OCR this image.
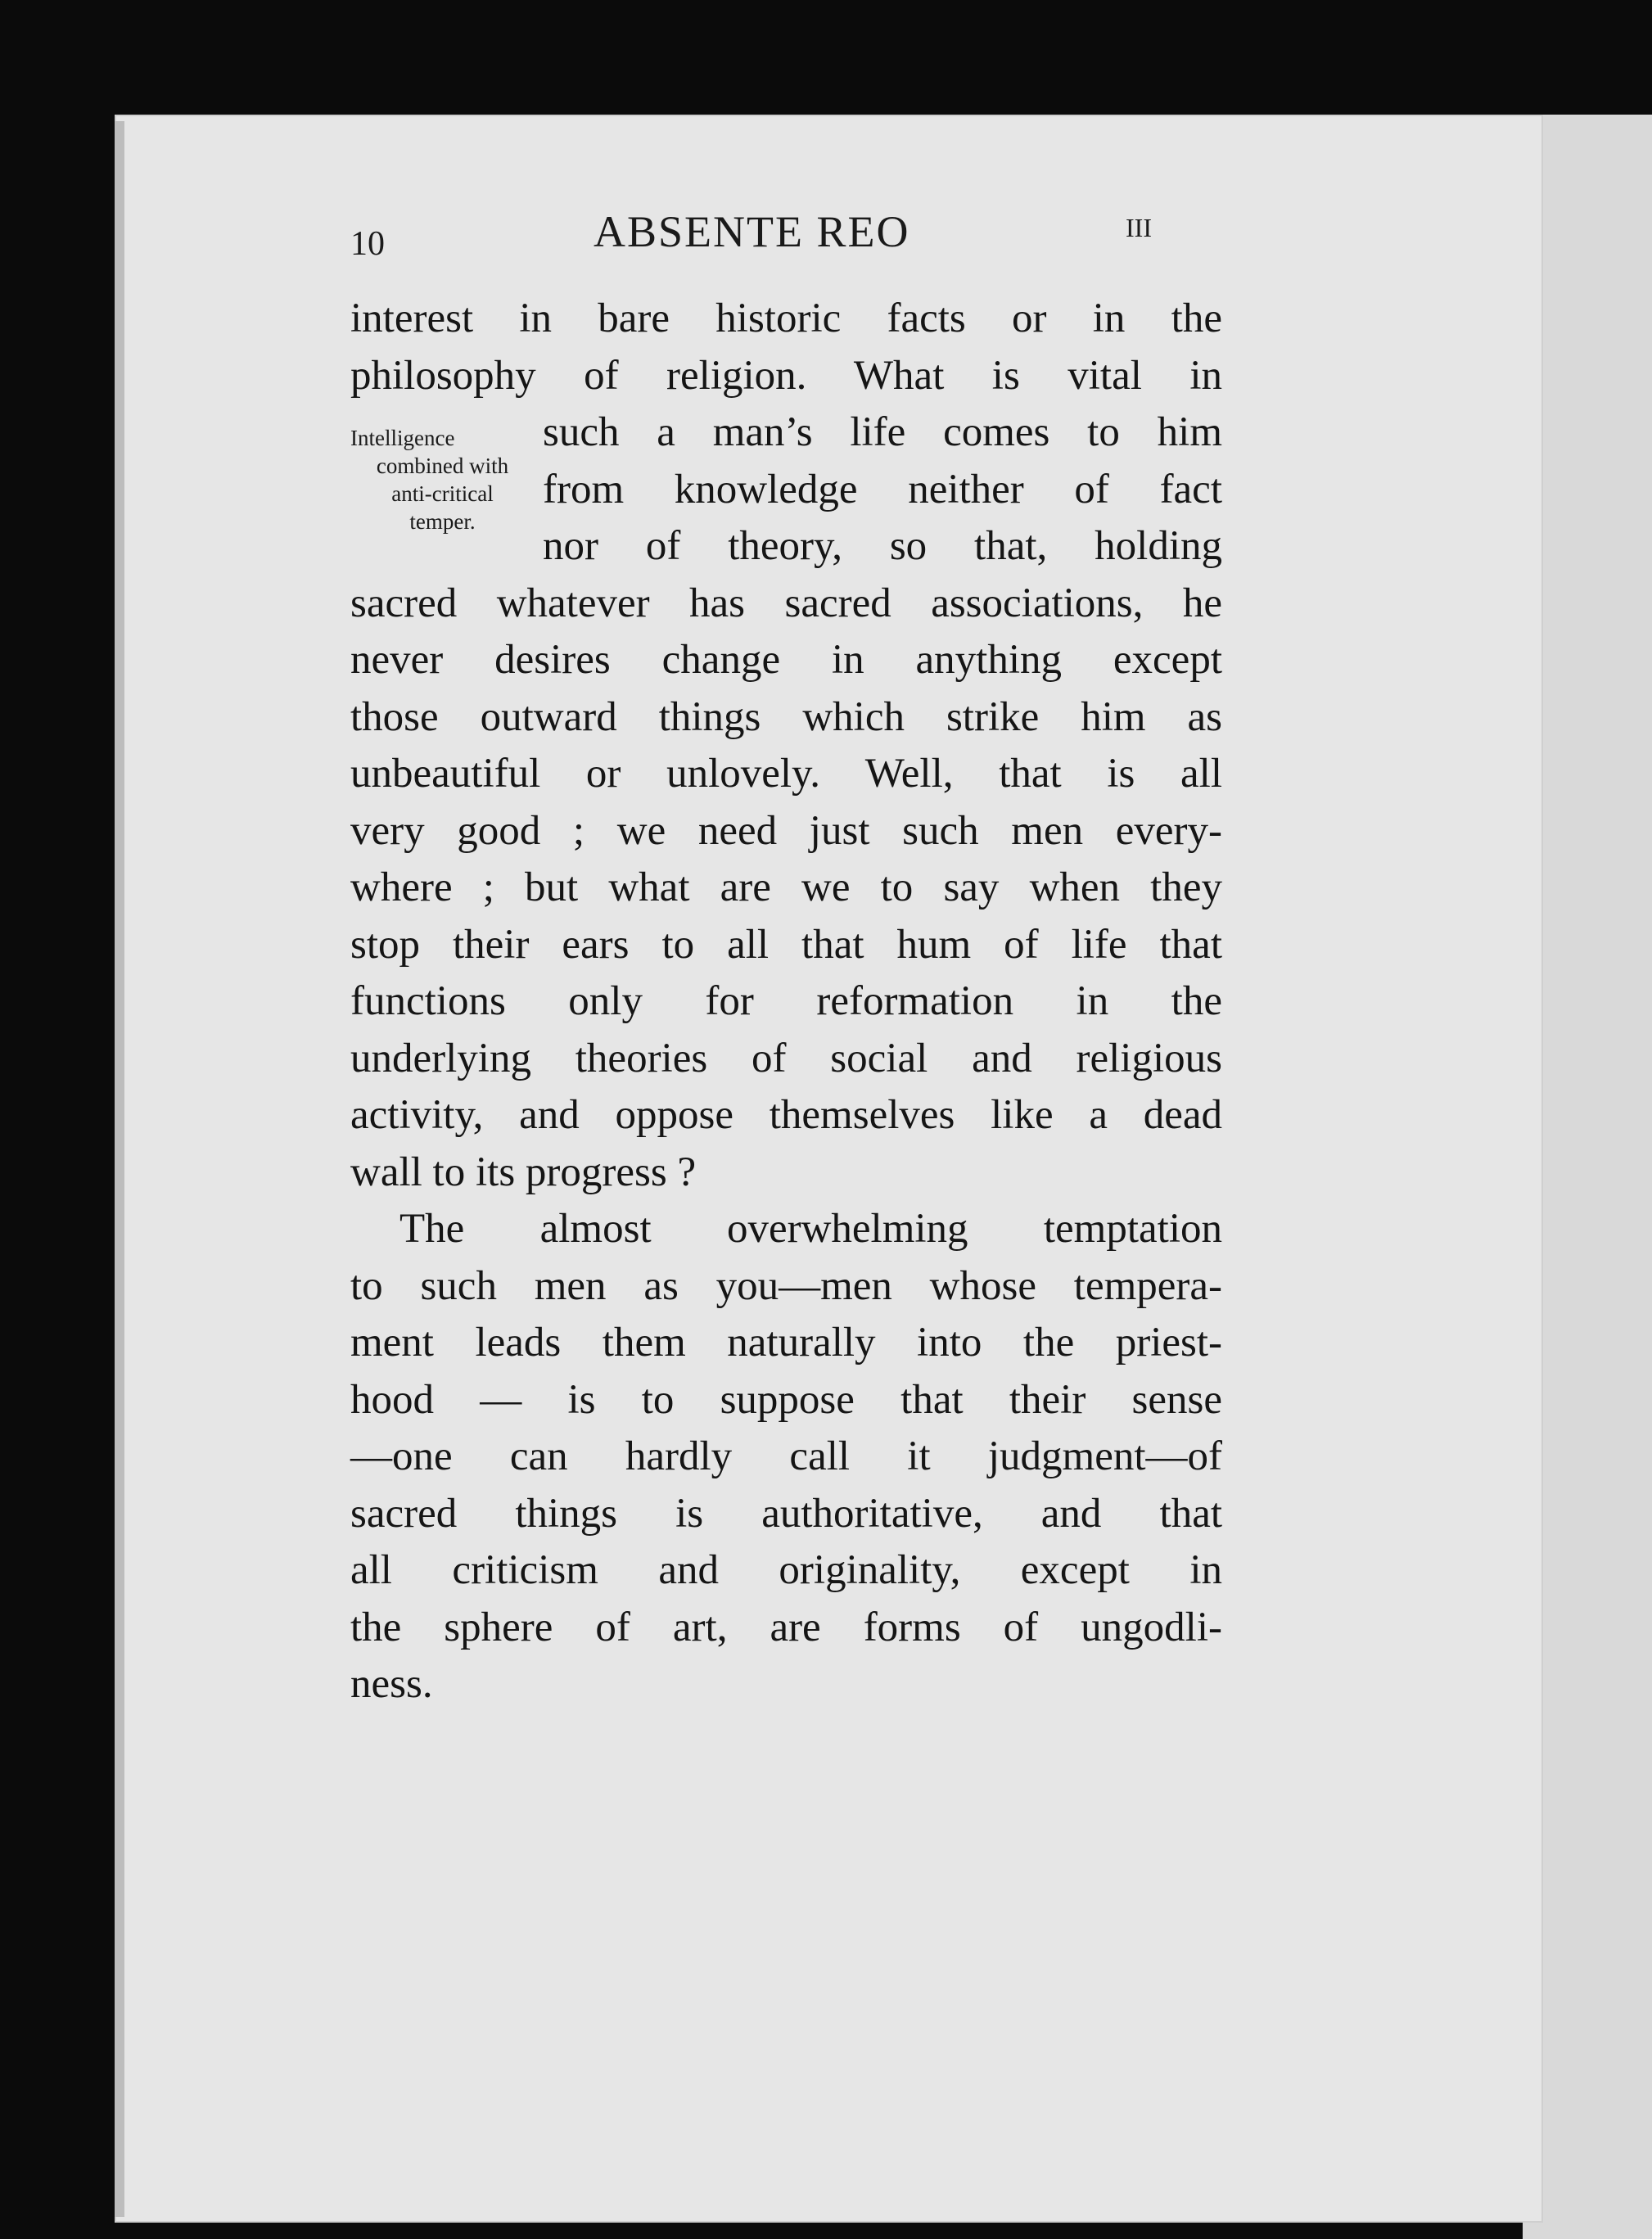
10	ABSENTE REO	III
Intelligence
combined with
anti-critical
temper.
interest in bare historic facts or in the
philosophy of religion. What is vital in
such a man’s life comes to him
from knowledge neither of fact
nor of theory, so that, holding
sacred whatever has sacred associations, he
never desires change in anything except
those outward things which strike him as
unbeautiful or unlovely. Well, that is all
very good ; we need just such men every-
where ; but what are we to say when they
stop their ears to all that hum of life that
functions only for reformation in the
underlying theories of social and religious
activity, and oppose themselves like a dead
wall to its progress ?
The almost overwhelming temptation
to such men as you—men whose tempera-
ment leads them naturally into the priest-
hood — is to suppose that their sense
—one can hardly call it judgment—of
sacred things is authoritative, and that
all criticism and originality, except in
the sphere of art, are forms of ungodli-
ness.
